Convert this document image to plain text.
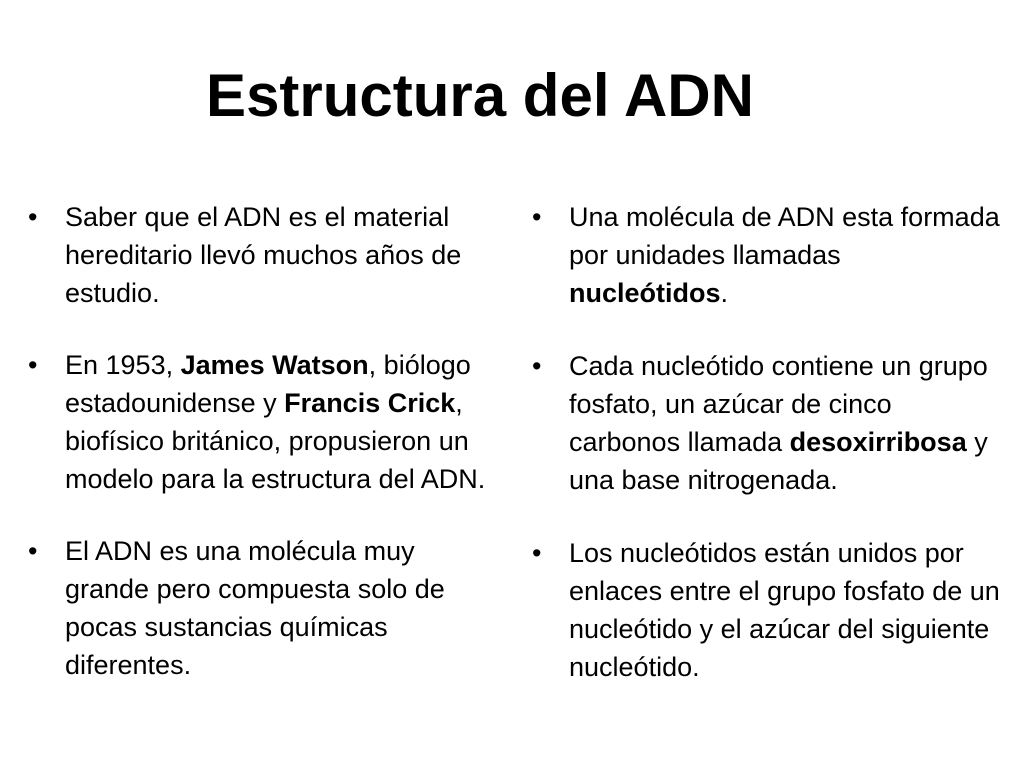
Estructura del ADN
•	Saber que el ADN es el material hereditario llevó muchos años de estudio.
•	En 1953, James Watson, biólogo estadounidense y Francis Crick, biofísico británico, propusieron un modelo para la estructura del ADN.
•	El ADN es una molécula muy grande pero compuesta solo de pocas sustancias químicas diferentes.
•	Una molécula de ADN esta formada por unidades llamadas nucleótidos.
•	Cada nucleótido contiene un grupo fosfato, un azúcar de cinco carbonos llamada desoxirribosa y una base nitrogenada.
•	Los nucleótidos están unidos por enlaces entre el grupo fosfato de un nucleótido y el azúcar del siguiente nucleótido.
